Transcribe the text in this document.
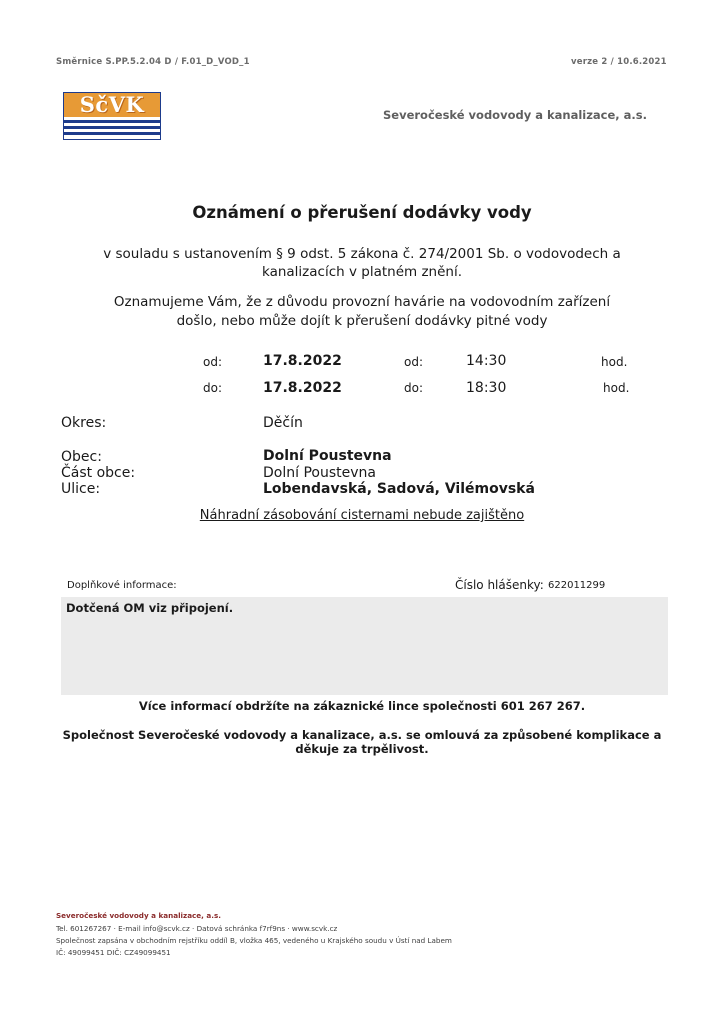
Směrnice S.PP.5.2.04 D / F.01_D_VOD_1	verze 2 / 10.6.2021
SčVK	Severočeské vodovody a kanalizace, a.s.
Oznámení o přerušení dodávky vody
v souladu s ustanovením § 9 odst. 5 zákona č. 274/2001 Sb. o vodovodech a
kanalizacích v platném znění.
Oznamujeme Vám, že z důvodu provozní havárie na vodovodním zařízení
došlo, nebo může dojít k přerušení dodávky pitné vody
od:	17.8.2022	od:	14:30	hod.
do:	17.8.2022	do:	18:30	hod.
Okres:	Děčín
Obec:	Dolní Poustevna
Část obce:	Dolní Poustevna
Ulice:	Lobendavská, Sadová, Vilémovská
Náhradní zásobování cisternami nebude zajištěno
Doplňkové informace:	Číslo hlášenky: 622011299
Dotčená OM viz připojení.
Více informací obdržíte na zákaznické lince společnosti 601 267 267.
Společnost Severočeské vodovody a kanalizace, a.s. se omlouvá za způsobené komplikace a
děkuje za trpělivost.
Severočeské vodovody a kanalizace, a.s.
Tel. 601267267 · E-mail info@scvk.cz · Datová schránka f7rf9ns · www.scvk.cz
Společnost zapsána v obchodním rejstříku oddíl B, vložka 465, vedeného u Krajského soudu v Ústí nad Labem
IČ: 49099451 DIČ: CZ49099451
